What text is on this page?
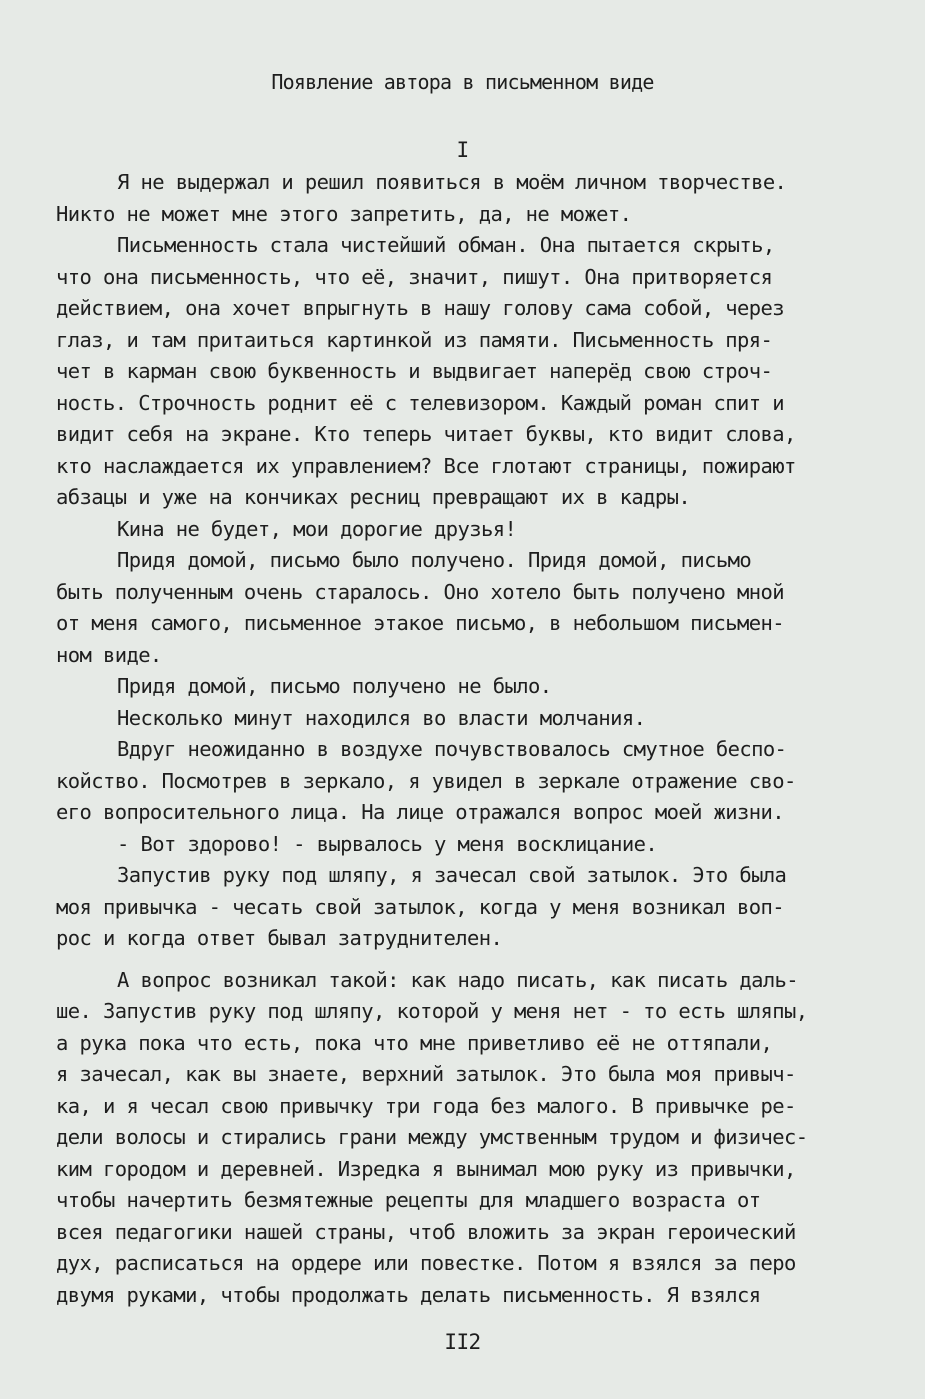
Появление автора в письменном виде
I
Я не выдержал и решил появиться в моём личном творчестве.
Никто не может мне этого запретить, да, не может.
Письменность стала чистейший обман. Она пытается скрыть,
что она письменность, что её, значит, пишут. Она притворяется
действием, она хочет впрыгнуть в нашу голову сама собой, через
глаз, и там притаиться картинкой из памяти. Письменность пря-
чет в карман свою буквенность и выдвигает наперёд свою строч-
ность. Строчность роднит её с телевизором. Каждый роман спит и
видит себя на экране. Кто теперь читает буквы, кто видит слова,
кто наслаждается их управлением? Все глотают страницы, пожирают
абзацы и уже на кончиках ресниц превращают их в кадры.
Кина не будет, мои дорогие друзья!
Придя домой, письмо было получено. Придя домой, письмо
быть полученным очень старалось. Оно хотело быть получено мной
от меня самого, письменное этакое письмо, в небольшом письмен-
ном виде.
Придя домой, письмо получено не было.
Несколько минут находился во власти молчания.
Вдруг неожиданно в воздухе почувствовалось смутное беспо-
койство. Посмотрев в зеркало, я увидел в зеркале отражение сво-
его вопросительного лица. На лице отражался вопрос моей жизни.
- Вот здорово! - вырвалось у меня восклицание.
Запустив руку под шляпу, я зачесал свой затылок. Это была
моя привычка - чесать свой затылок, когда у меня возникал воп-
рос и когда ответ бывал затруднителен.
А вопрос возникал такой: как надо писать, как писать даль-
ше. Запустив руку под шляпу, которой у меня нет - то есть шляпы,
а рука пока что есть, пока что мне приветливо её не оттяпали,
я зачесал, как вы знаете, верхний затылок. Это была моя привыч-
ка, и я чесал свою привычку три года без малого. В привычке ре-
дели волосы и стирались грани между умственным трудом и физичес-
ким городом и деревней. Изредка я вынимал мою руку из привычки,
чтобы начертить безмятежные рецепты для младшего возраста от
всея педагогики нашей страны, чтоб вложить за экран героический
дух, расписаться на ордере или повестке. Потом я взялся за перо
двумя руками, чтобы продолжать делать письменность. Я взялся
II2
